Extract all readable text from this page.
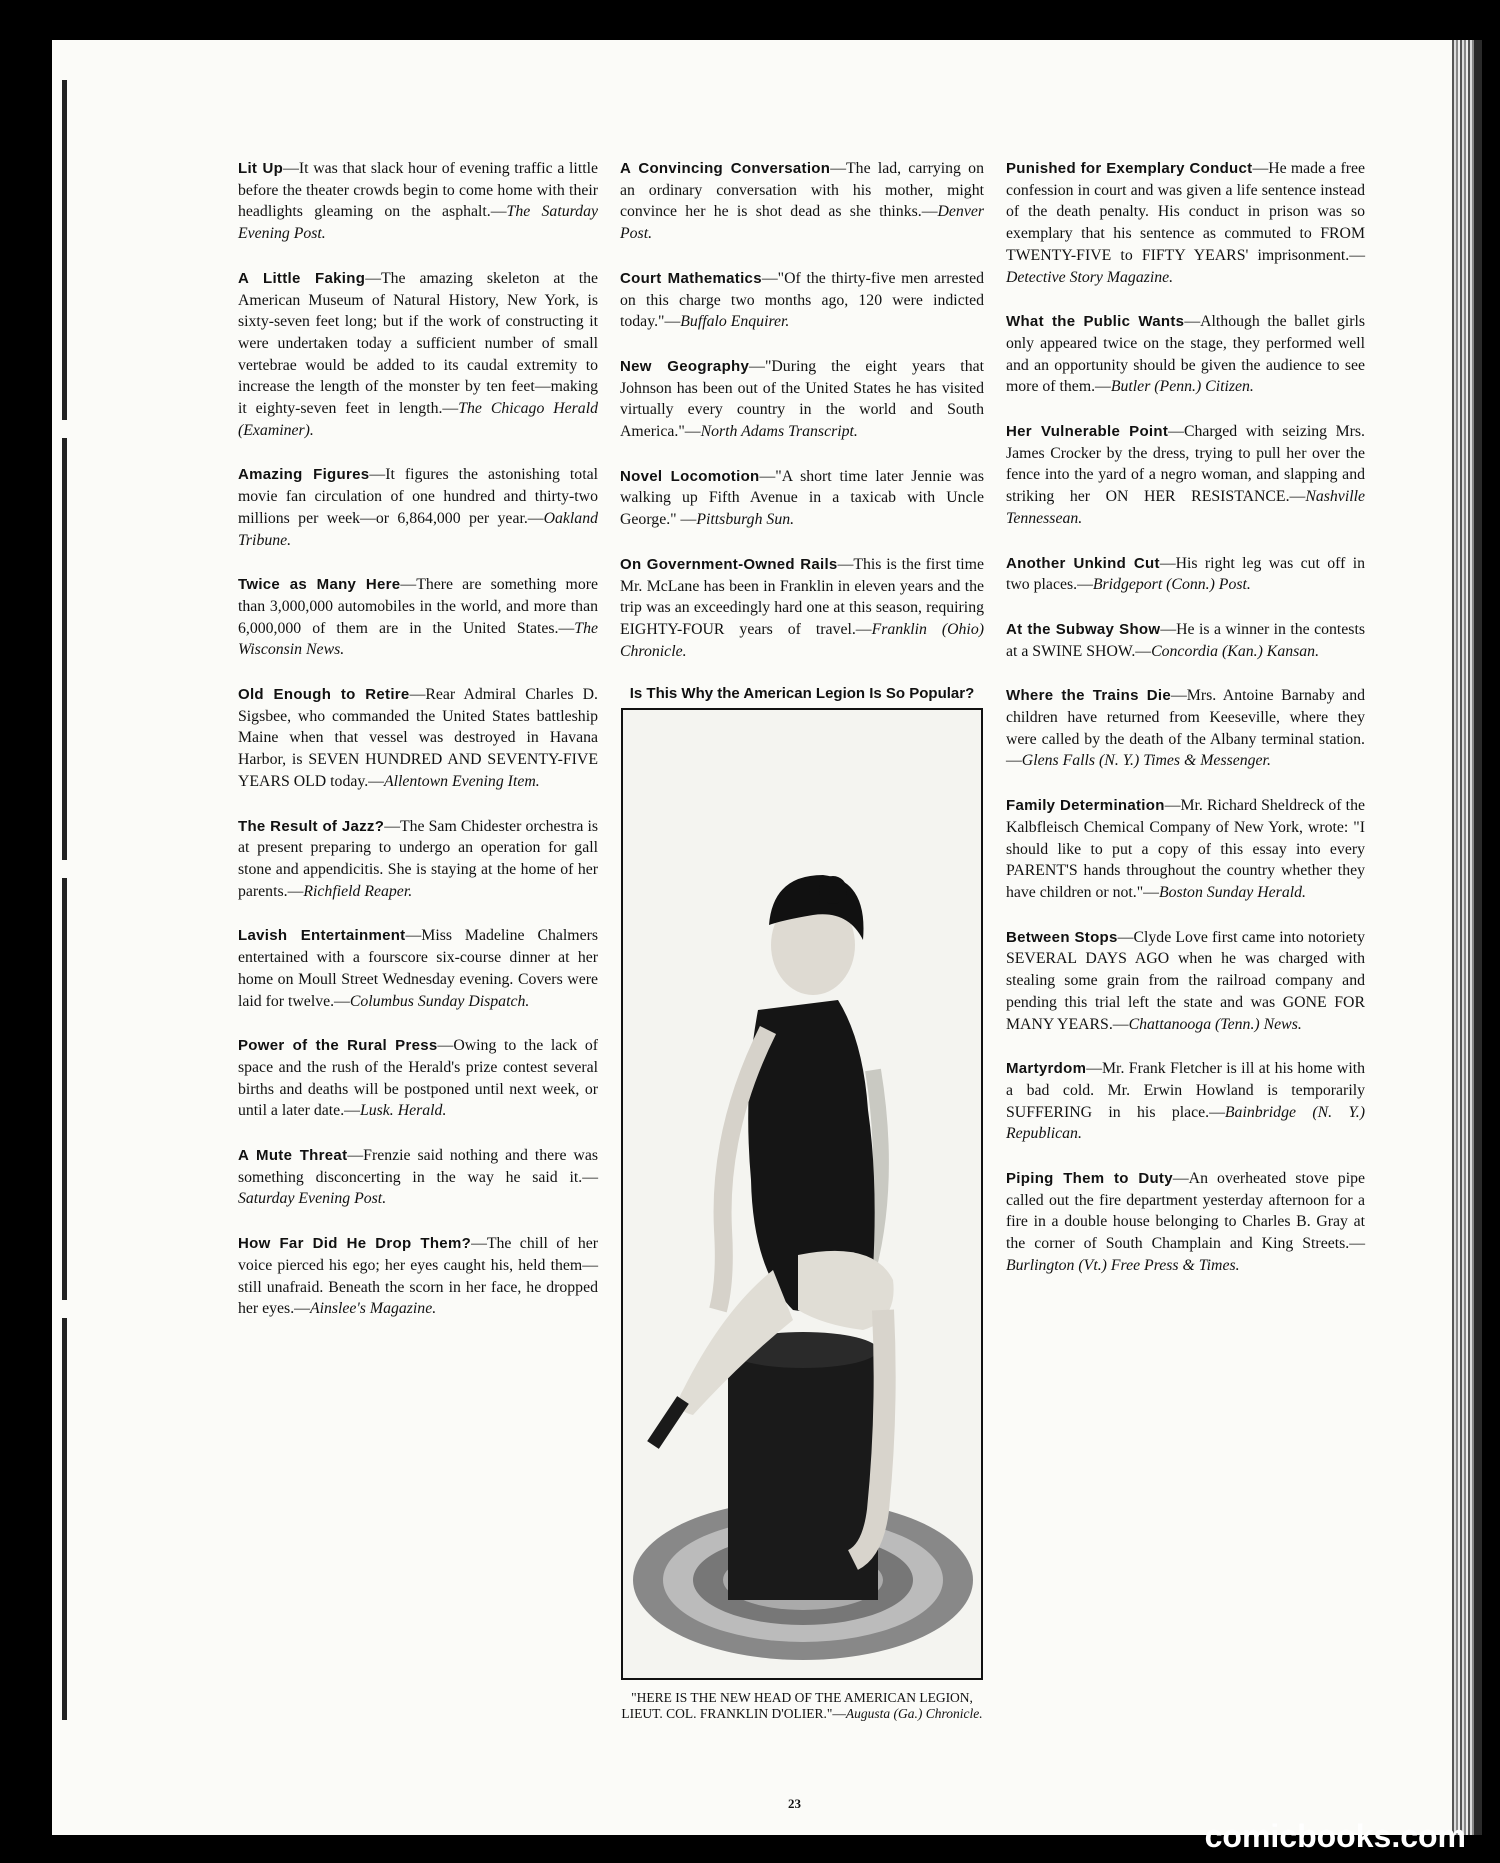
Lit Up—It was that slack hour of evening traffic a little before the theater crowds begin to come home with their headlights gleaming on the asphalt.—The Saturday Evening Post.
A Little Faking—The amazing skeleton at the American Museum of Natural History, New York, is sixty-seven feet long; but if the work of constructing it were undertaken today a sufficient number of small vertebrae would be added to its caudal extremity to increase the length of the monster by ten feet—making it eighty-seven feet in length.—The Chicago Herald (Examiner).
Amazing Figures—It figures the astonishing total movie fan circulation of one hundred and thirty-two millions per week—or 6,864,000 per year.—Oakland Tribune.
Twice as Many Here—There are something more than 3,000,000 automobiles in the world, and more than 6,000,000 of them are in the United States.—The Wisconsin News.
Old Enough to Retire—Rear Admiral Charles D. Sigsbee, who commanded the United States battleship Maine when that vessel was destroyed in Havana Harbor, is SEVEN HUNDRED AND SEVENTY-FIVE YEARS OLD today.—Allentown Evening Item.
The Result of Jazz?—The Sam Chidester orchestra is at present preparing to undergo an operation for gall stone and appendicitis. She is staying at the home of her parents.—Richfield Reaper.
Lavish Entertainment—Miss Madeline Chalmers entertained with a fourscore six-course dinner at her home on Moull Street Wednesday evening. Covers were laid for twelve.—Columbus Sunday Dispatch.
Power of the Rural Press—Owing to the lack of space and the rush of the Herald's prize contest several births and deaths will be postponed until next week, or until a later date.—Lusk. Herald.
A Mute Threat—Frenzie said nothing and there was something disconcerting in the way he said it.—Saturday Evening Post.
How Far Did He Drop Them?—The chill of her voice pierced his ego; her eyes caught his, held them—still unafraid. Beneath the scorn in her face, he dropped her eyes.—Ainslee's Magazine.
A Convincing Conversation—The lad, carrying on an ordinary conversation with his mother, might convince her he is shot dead as she thinks.—Denver Post.
Court Mathematics—"Of the thirty-five men arrested on this charge two months ago, 120 were indicted today."—Buffalo Enquirer.
New Geography—"During the eight years that Johnson has been out of the United States he has visited virtually every country in the world and South America."—North Adams Transcript.
Novel Locomotion—"A short time later Jennie was walking up Fifth Avenue in a taxicab with Uncle George." —Pittsburgh Sun.
On Government-Owned Rails—This is the first time Mr. McLane has been in Franklin in eleven years and the trip was an exceedingly hard one at this season, requiring EIGHTY-FOUR years of travel.—Franklin (Ohio) Chronicle.
Is This Why the American Legion Is So Popular?
"HERE IS THE NEW HEAD OF THE AMERICAN LEGION, LIEUT. COL. FRANKLIN D'OLIER."—Augusta (Ga.) Chronicle.
Punished for Exemplary Conduct—He made a free confession in court and was given a life sentence instead of the death penalty. His conduct in prison was so exemplary that his sentence as commuted to FROM TWENTY-FIVE to FIFTY YEARS' imprisonment.—Detective Story Magazine.
What the Public Wants—Although the ballet girls only appeared twice on the stage, they performed well and an opportunity should be given the audience to see more of them.—Butler (Penn.) Citizen.
Her Vulnerable Point—Charged with seizing Mrs. James Crocker by the dress, trying to pull her over the fence into the yard of a negro woman, and slapping and striking her ON HER RESISTANCE.—Nashville Tennessean.
Another Unkind Cut—His right leg was cut off in two places.—Bridgeport (Conn.) Post.
At the Subway Show—He is a winner in the contests at a SWINE SHOW.—Concordia (Kan.) Kansan.
Where the Trains Die—Mrs. Antoine Barnaby and children have returned from Keeseville, where they were called by the death of the Albany terminal station.—Glens Falls (N. Y.) Times & Messenger.
Family Determination—Mr. Richard Sheldreck of the Kalbfleisch Chemical Company of New York, wrote: "I should like to put a copy of this essay into every PARENT'S hands throughout the country whether they have children or not."—Boston Sunday Herald.
Between Stops—Clyde Love first came into notoriety SEVERAL DAYS AGO when he was charged with stealing some grain from the railroad company and pending this trial left the state and was GONE FOR MANY YEARS.—Chattanooga (Tenn.) News.
Martyrdom—Mr. Frank Fletcher is ill at his home with a bad cold. Mr. Erwin Howland is temporarily SUFFERING in his place.—Bainbridge (N. Y.) Republican.
Piping Them to Duty—An overheated stove pipe called out the fire department yesterday afternoon for a fire in a double house belonging to Charles B. Gray at the corner of South Champlain and King Streets.—Burlington (Vt.) Free Press & Times.
23
comicbooks.com
